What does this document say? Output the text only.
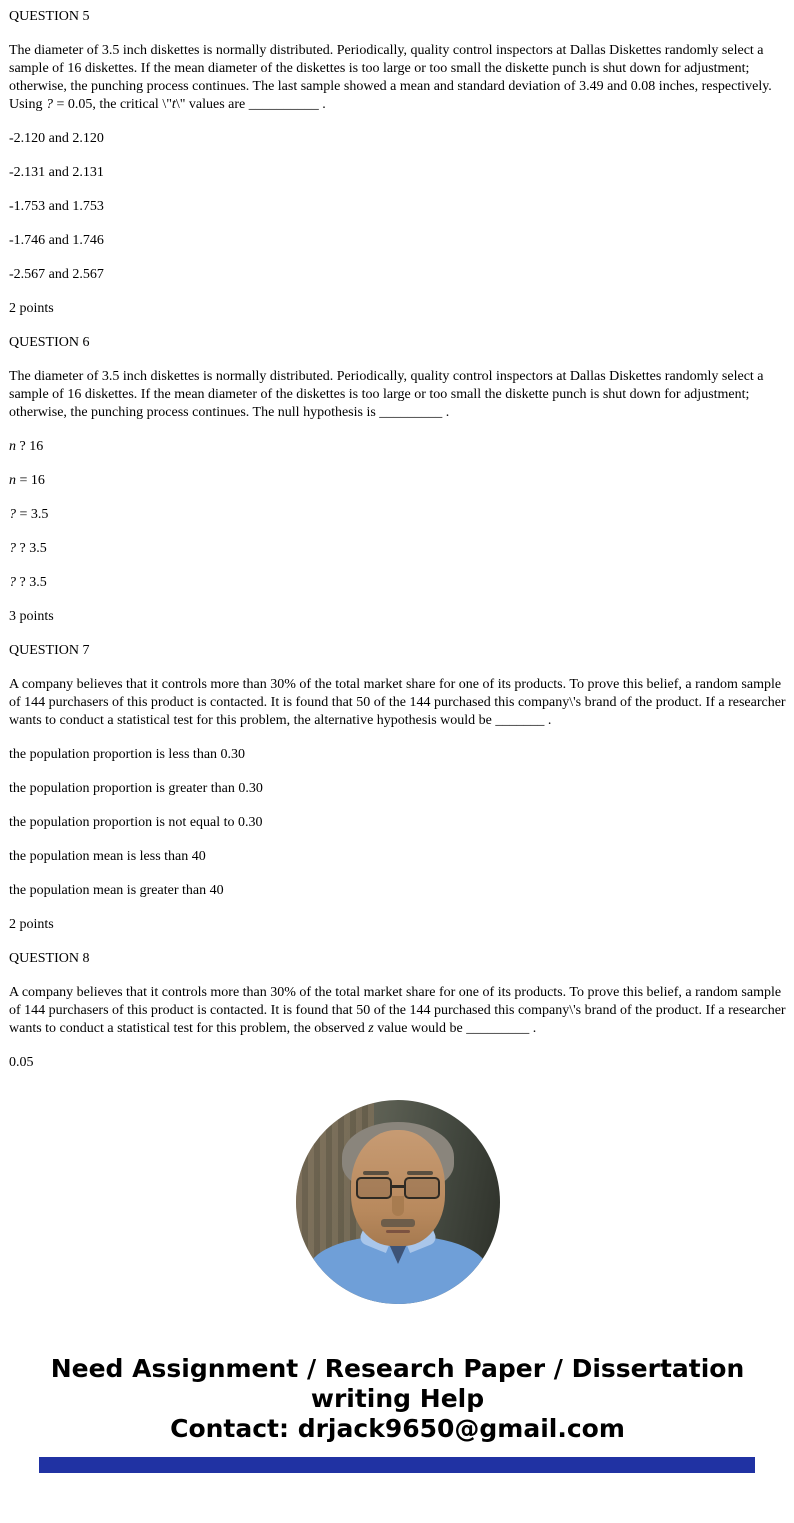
QUESTION 5

The diameter of 3.5 inch diskettes is normally distributed. Periodically, quality control inspectors at Dallas Diskettes randomly select a sample of 16 diskettes. If the mean diameter of the diskettes is too large or too small the diskette punch is shut down for adjustment; otherwise, the punching process continues. The last sample showed a mean and standard deviation of 3.49 and 0.08 inches, respectively. Using ? = 0.05, the critical \"t\" values are __________ .

-2.120 and 2.120

-2.131 and 2.131

-1.753 and 1.753

-1.746 and 1.746

-2.567 and 2.567

2 points

QUESTION 6

The diameter of 3.5 inch diskettes is normally distributed. Periodically, quality control inspectors at Dallas Diskettes randomly select a sample of 16 diskettes. If the mean diameter of the diskettes is too large or too small the diskette punch is shut down for adjustment; otherwise, the punching process continues. The null hypothesis is _________ .

n ? 16

n = 16

? = 3.5

? ? 3.5

? ? 3.5

3 points

QUESTION 7

A company believes that it controls more than 30% of the total market share for one of its products. To prove this belief, a random sample of 144 purchasers of this product is contacted. It is found that 50 of the 144 purchased this company\'s brand of the product. If a researcher wants to conduct a statistical test for this problem, the alternative hypothesis would be _______ .

the population proportion is less than 0.30

the population proportion is greater than 0.30

the population proportion is not equal to 0.30

the population mean is less than 40

the population mean is greater than 40

2 points

QUESTION 8

A company believes that it controls more than 30% of the total market share for one of its products. To prove this belief, a random sample of 144 purchasers of this product is contacted. It is found that 50 of the 144 purchased this company\'s brand of the product. If a researcher wants to conduct a statistical test for this problem, the observed z value would be _________ .

0.05

Need Assignment / Research Paper / Dissertation writing Help

Contact: drjack9650@gmail.com
